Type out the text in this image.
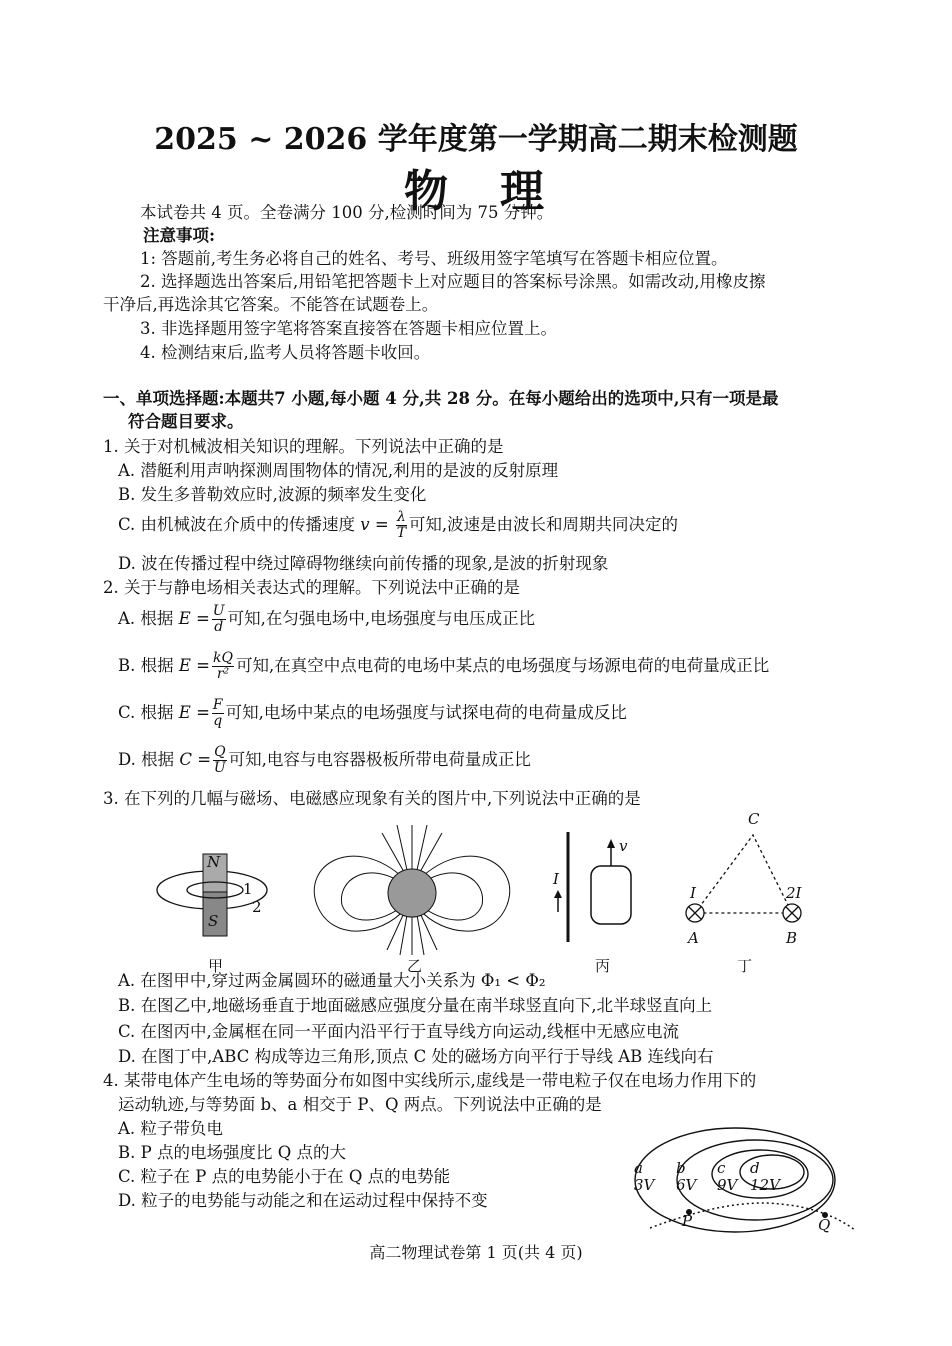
2025 ~ 2026 学年度第一学期高二期末检测题
物　理
本试卷共 4 页。全卷满分 100 分,检测时间为 75 分钟。
注意事项:
1: 答题前,考生务必将自己的姓名、考号、班级用签字笔填写在答题卡相应位置。
2. 选择题选出答案后,用铅笔把答题卡上对应题目的答案标号涂黑。如需改动,用橡皮擦
干净后,再选涂其它答案。不能答在试题卷上。
3. 非选择题用签字笔将答案直接答在答题卡相应位置上。
4. 检测结束后,监考人员将答题卡收回。
一、单项选择题:本题共7 小题,每小题 4 分,共 28 分。在每小题给出的选项中,只有一项是最
符合题目要求。
1. 关于对机械波相关知识的理解。下列说法中正确的是
A. 潜艇利用声呐探测周围物体的情况,利用的是波的反射原理
B. 发生多普勒效应时,波源的频率发生变化
C. 由机械波在介质中的传播速度 $v = \frac{\lambda}{T}$ 可知,波速是由波长和周期共同决定的
D. 波在传播过程中绕过障碍物继续向前传播的现象,是波的折射现象
2. 关于与静电场相关表达式的理解。下列说法中正确的是
A. 根据 $E = \frac{U}{d}$ 可知,在匀强电场中,电场强度与电压成正比
B. 根据 $E = \frac{kQ}{\text{r²}}$ 可知,在真空中点电荷的电场中某点的电场强度与场源电荷的电荷量成正比
C. 根据 $E = \frac{F}{q}$ 可知,电场中某点的电场强度与试探电荷的电荷量成反比
D. 根据 $C = \frac{Q}{U}$ 可知,电容与电容器极板所带电荷量成正比
3. 在下列的几幅与磁场、电磁感应现象有关的图片中,下列说法中正确的是
N
S
1
2
甲	乙
I
v
丙
C
I	2I
A	B
丁
A. 在图甲中,穿过两金属圆环的磁通量大小关系为 Φ₁ < Φ₂
B. 在图乙中,地磁场垂直于地面磁感应强度分量在南半球竖直向下,北半球竖直向上
C. 在图丙中,金属框在同一平面内沿平行于直导线方向运动,线框中无感应电流
D. 在图丁中,ABC 构成等边三角形,顶点 C 处的磁场方向平行于导线 AB 连线向右
4. 某带电体产生电场的等势面分布如图中实线所示,虚线是一带电粒子仅在电场力作用下的
运动轨迹,与等势面 b、a 相交于 P、Q 两点。下列说法中正确的是
A. 粒子带负电
B. P 点的电场强度比 Q 点的大
C. 粒子在 P 点的电势能小于在 Q 点的电势能
D. 粒子的电势能与动能之和在运动过程中保持不变
a
3V
b
6V
c
9V
d
12V
P	Q
高二物理试卷第 1 页(共 4 页)
